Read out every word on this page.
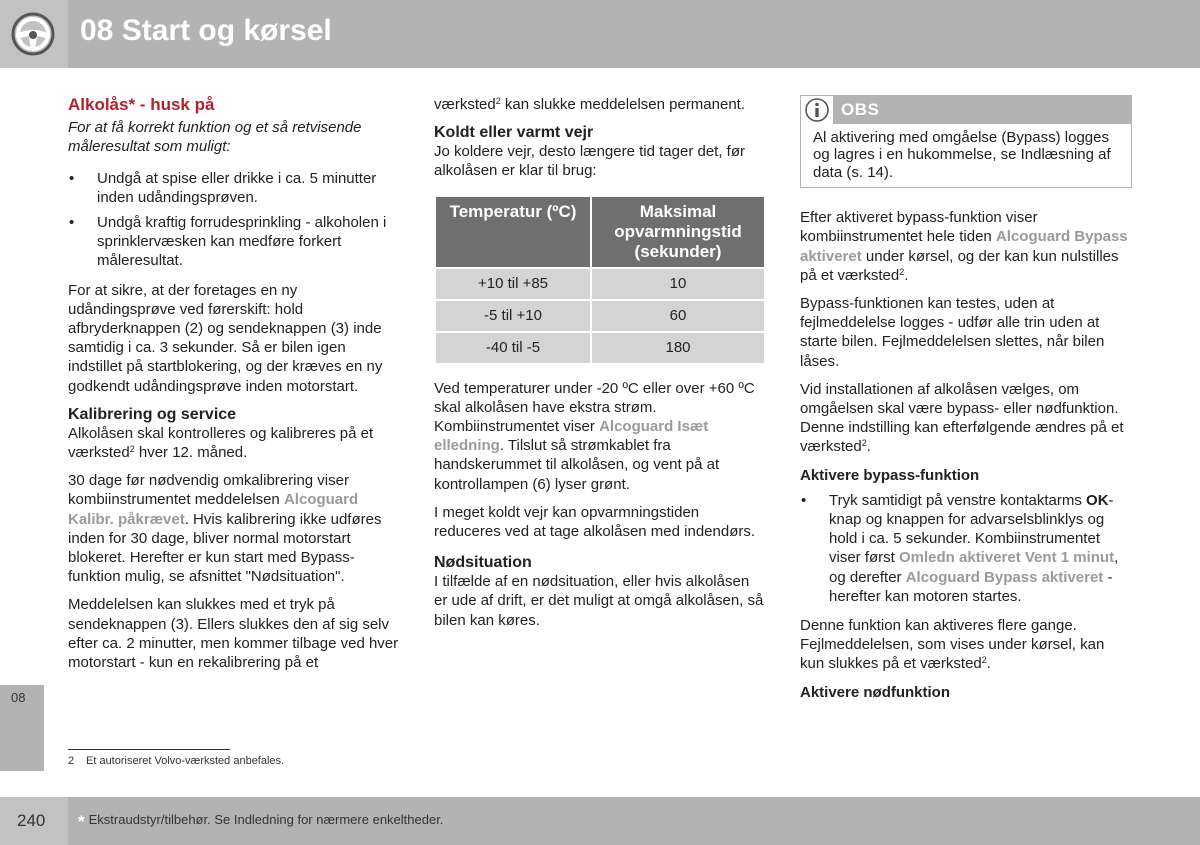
08 Start og kørsel
Alkolås* - husk på

For at få korrekt funktion og et så retvisende måleresultat som muligt:

• Undgå at spise eller drikke i ca. 5 minutter inden udåndingsprøven.
• Undgå kraftig forrudesprinkling - alkoholen i sprinklervæsken kan medføre forkert måleresultat.

For at sikre, at der foretages en ny udåndingsprøve ved førerskift: hold afbryderknappen (2) og sendeknappen (3) inde samtidig i ca. 3 sekunder. Så er bilen igen indstillet på startblokering, og der kræves en ny godkendt udåndingsprøve inden motorstart.

Kalibrering og service

Alkolåsen skal kontrolleres og kalibreres på et værksted$^2$ hver 12. måned.

30 dage før nødvendig omkalibrering viser kombiinstrumentet meddelelsen Alcoguard Kalibr. påkrævet. Hvis kalibrering ikke udføres inden for 30 dage, bliver normal motorstart blokeret. Herefter er kun start med Bypass-funktion mulig, se afsnittet "Nødsituation".

Meddelelsen kan slukkes med et tryk på sendeknappen (3). Ellers slukkes den af sig selv efter ca. 2 minutter, men kommer tilbage ved hver motorstart - kun en rekalibrering på et

værksted$^2$ kan slukke meddelelsen permanent.

Koldt eller varmt vejr

Jo koldere vejr, desto længere tid tager det, før alkolåsen er klar til brug:

Temperatur (ºC)	Maksimal opvarmningstid (sekunder)
+10 til +85	10
-5 til +10	60
-40 til -5	180

Ved temperaturer under -20 ºC eller over +60 ºC skal alkolåsen have ekstra strøm. Kombiinstrumentet viser Alcoguard Isæt elledning. Tilslut så strømkablet fra handskerummet til alkolåsen, og vent på at kontrollampen (6) lyser grønt.

I meget koldt vejr kan opvarmningstiden reduceres ved at tage alkolåsen med indendørs.

Nødsituation

I tilfælde af en nødsituation, eller hvis alkolåsen er ude af drift, er det muligt at omgå alkolåsen, så bilen kan køres.

OBS
Al aktivering med omgåelse (Bypass) logges og lagres i en hukommelse, se Indlæsning af data (s. 14).

Efter aktiveret bypass-funktion viser kombiinstrumentet hele tiden Alcoguard Bypass aktiveret under kørsel, og der kan kun nulstilles på et værksted$^2$.

Bypass-funktionen kan testes, uden at fejlmeddelelse logges - udfør alle trin uden at starte bilen. Fejlmeddelelsen slettes, når bilen låses.

Vid installationen af alkolåsen vælges, om omgåelsen skal være bypass- eller nødfunktion. Denne indstilling kan efterfølgende ændres på et værksted$^2$.

Aktivere bypass-funktion
• Tryk samtidigt på venstre kontaktarms OK-knap og knappen for advarselsblinklys og hold i ca. 5 sekunder. Kombiinstrumentet viser først Omledn aktiveret Vent 1 minut, og derefter Alcoguard Bypass aktiveret - herefter kan motoren startes.

Denne funktion kan aktiveres flere gange. Fejlmeddelelsen, som vises under kørsel, kan kun slukkes på et værksted$^2$.

Aktivere nødfunktion
08
2 Et autoriseret Volvo-værksted anbefales.
240 * Ekstraudstyr/tilbehør. Se Indledning for nærmere enkeltheder.
